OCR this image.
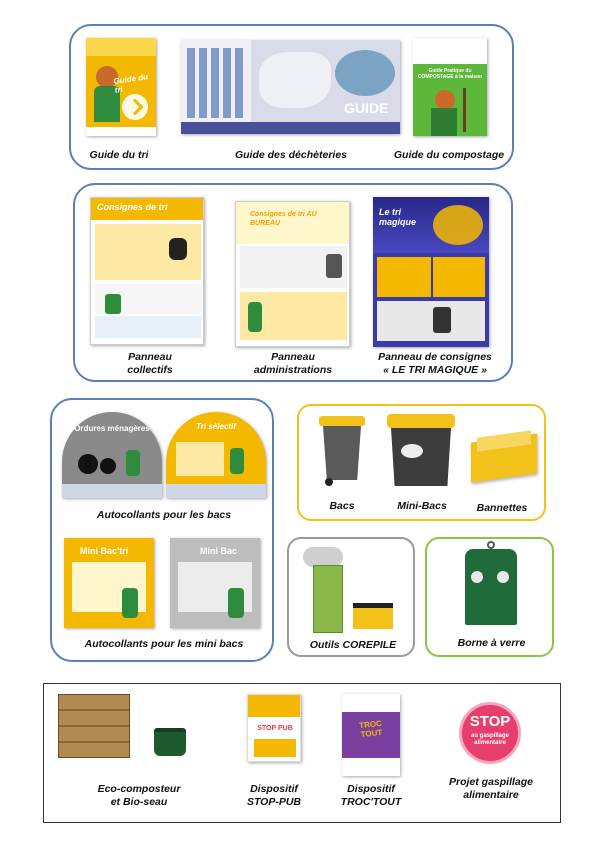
Guide du tri
GUIDE
Guide Pratique du COMPOSTAGE à la maison
Guide du tri	Guide des déchèteries	Guide du compostage
Consignes de tri
Consignes de tri AU BUREAU
Le tri magique
Panneau
collectifs
Panneau
administrations
Panneau de consignes
« LE TRI MAGIQUE »
Ordures ménagères	Tri sélectif
Autocollants pour les bacs
Mini Bac'tri	Mini Bac
Autocollants pour les mini bacs
Bacs	Mini-Bacs	Bannettes
Outils COREPILE	Borne à verre
STOP PUB	TROC TOUT
STOP
au gaspillage
alimentaire
Eco-composteur
et Bio-seau
Dispositif
STOP-PUB
Dispositif
TROC'TOUT
Projet gaspillage
alimentaire
